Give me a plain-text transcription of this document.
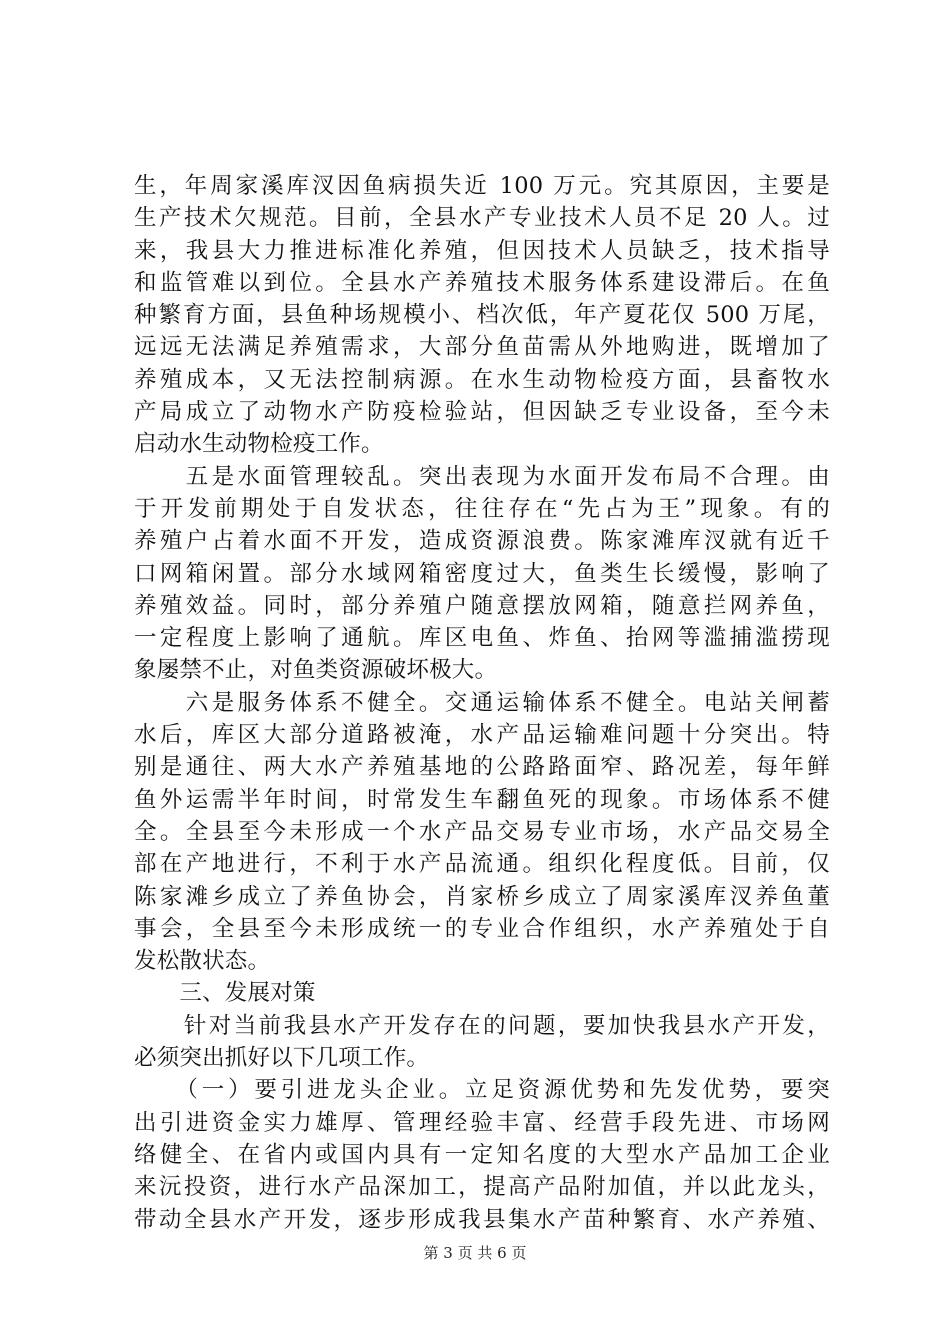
生，年周家溪库汊因鱼病损失近 100 万元。究其原因，主要是
生产技术欠规范。目前，全县水产专业技术人员不足 20 人。过
来，我县大力推进标准化养殖，但因技术人员缺乏，技术指导
和监管难以到位。全县水产养殖技术服务体系建设滞后。在鱼
种繁育方面，县鱼种场规模小、档次低，年产夏花仅 500 万尾，
远远无法满足养殖需求，大部分鱼苗需从外地购进，既增加了
养殖成本，又无法控制病源。在水生动物检疫方面，县畜牧水
产局成立了动物水产防疫检验站，但因缺乏专业设备，至今未
启动水生动物检疫工作。
　　五是水面管理较乱。突出表现为水面开发布局不合理。由
于开发前期处于自发状态，往往存在“先占为王”现象。有的
养殖户占着水面不开发，造成资源浪费。陈家滩库汊就有近千
口网箱闲置。部分水域网箱密度过大，鱼类生长缓慢，影响了
养殖效益。同时，部分养殖户随意摆放网箱，随意拦网养鱼，
一定程度上影响了通航。库区电鱼、炸鱼、抬网等滥捕滥捞现
象屡禁不止，对鱼类资源破坏极大。
　　六是服务体系不健全。交通运输体系不健全。电站关闸蓄
水后，库区大部分道路被淹，水产品运输难问题十分突出。特
别是通往、两大水产养殖基地的公路路面窄、路况差，每年鲜
鱼外运需半年时间，时常发生车翻鱼死的现象。市场体系不健
全。全县至今未形成一个水产品交易专业市场，水产品交易全
部在产地进行，不利于水产品流通。组织化程度低。目前，仅
陈家滩乡成立了养鱼协会，肖家桥乡成立了周家溪库汊养鱼董
事会，全县至今未形成统一的专业合作组织，水产养殖处于自
发松散状态。
　　三、发展对策
　　针对当前我县水产开发存在的问题，要加快我县水产开发，
必须突出抓好以下几项工作。
　　（一）要引进龙头企业。立足资源优势和先发优势，要突
出引进资金实力雄厚、管理经验丰富、经营手段先进、市场网
络健全、在省内或国内具有一定知名度的大型水产品加工企业
来沅投资，进行水产品深加工，提高产品附加值，并以此龙头，
带动全县水产开发，逐步形成我县集水产苗种繁育、水产养殖、
第 3 页 共 6 页
